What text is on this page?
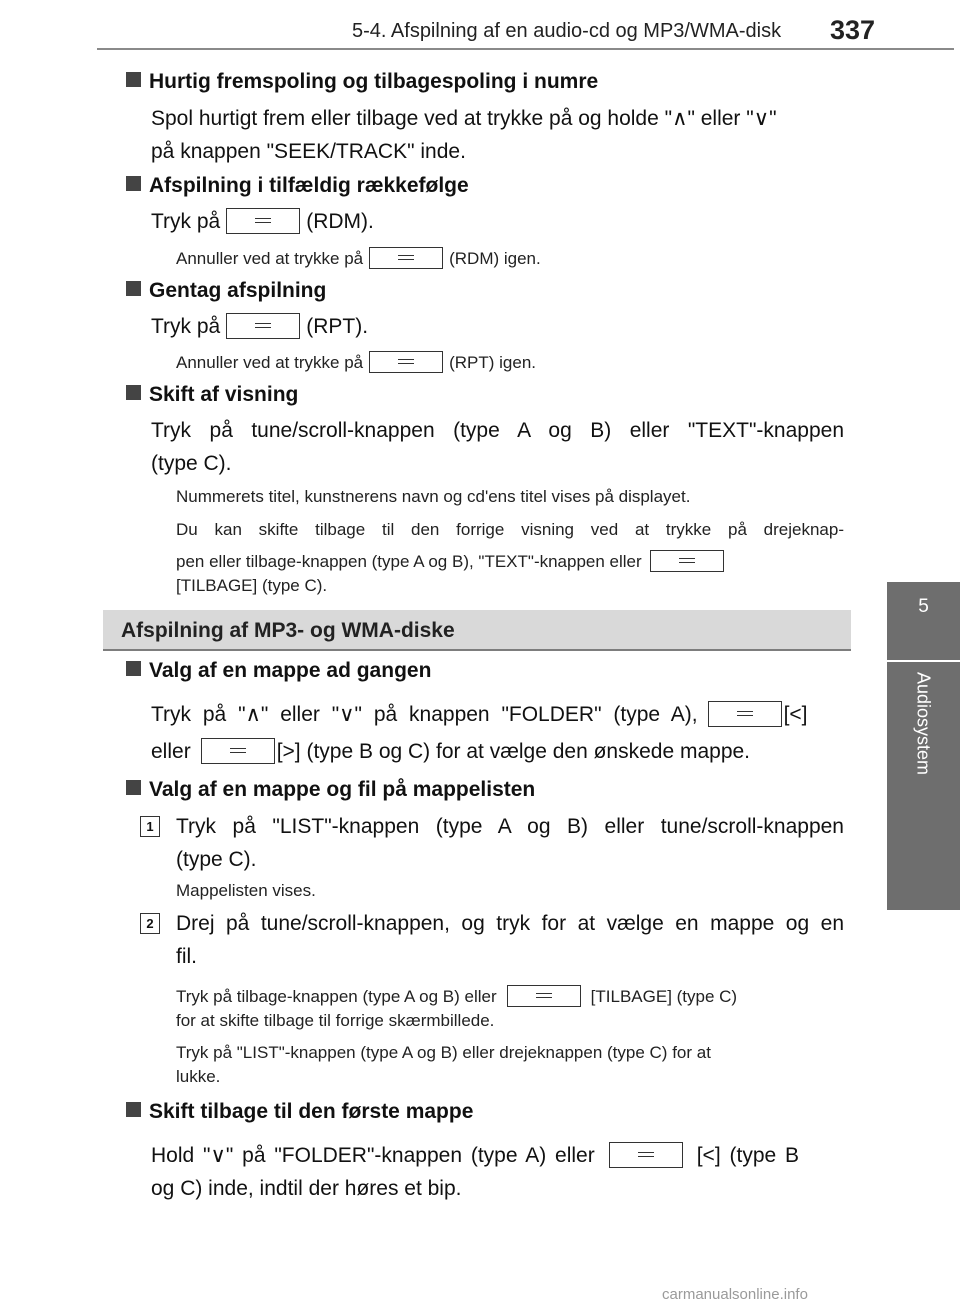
5-4. Afspilning af en audio-cd og MP3/WMA-disk 337
5
Audiosystem
Hurtig fremspoling og tilbagespoling i numre
Spol hurtigt frem eller tilbage ved at trykke på og holde "∧" eller "∨"
på knappen "SEEK/TRACK" inde.
Afspilning i tilfældig rækkefølge
Tryk på	(RDM).
Annuller ved at trykke på	(RDM) igen.
Gentag afspilning
Tryk på	(RPT).
Annuller ved at trykke på	(RPT) igen.
Skift af visning
Tryk på tune/scroll-knappen (type A og B) eller "TEXT"-knappen
(type C).
Nummerets titel, kunstnerens navn og cd'ens titel vises på displayet.
Du kan skifte tilbage til den forrige visning ved at trykke på drejeknap-
pen eller tilbage-knappen (type A og B), "TEXT"-knappen eller
[TILBAGE] (type C).
Afspilning af MP3- og WMA-diske
Valg af en mappe ad gangen
Tryk på "∧" eller "∨" på knappen "FOLDER" (type A),	[<]
eller	[>] (type B og C) for at vælge den ønskede mappe.
Valg af en mappe og fil på mappelisten
1	Tryk på "LIST"-knappen (type A og B) eller tune/scroll-knappen
(type C).
Mappelisten vises.
2	Drej på tune/scroll-knappen, og tryk for at vælge en mappe og en
fil.
Tryk på tilbage-knappen (type A og B) eller	[TILBAGE] (type C)
for at skifte tilbage til forrige skærmbillede.
Tryk på "LIST"-knappen (type A og B) eller drejeknappen (type C) for at
lukke.
Skift tilbage til den første mappe
Hold "∨" på "FOLDER"-knappen (type A) eller	[<] (type B
og C) inde, indtil der høres et bip.
carmanualsonline.info
